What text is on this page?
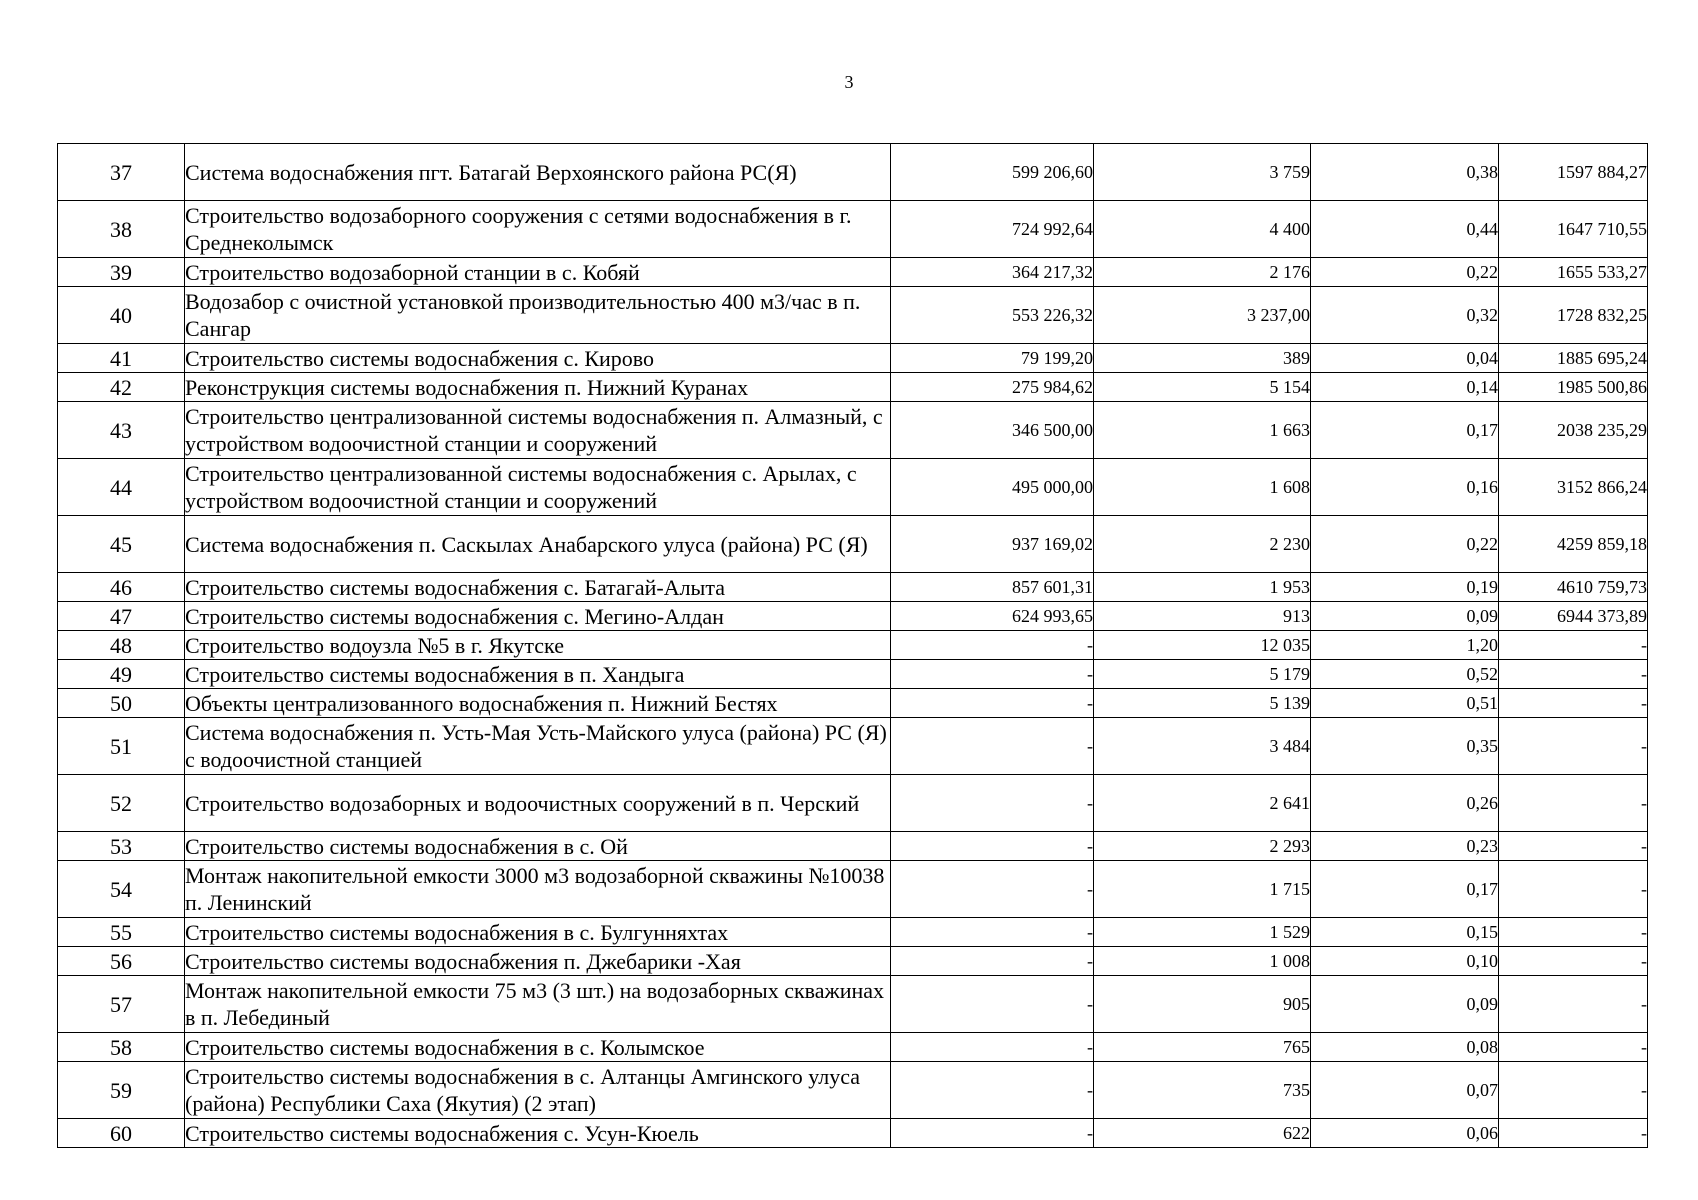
3
37	Система водоснабжения пгт. Батагай Верхоянского района РС(Я)	599 206,60	3 759	0,38	1597 884,27
38	Строительство водозаборного сооружения с сетями водоснабжения в г. Среднеколымск	724 992,64	4 400	0,44	1647 710,55
39	Строительство водозаборной станции в с. Кобяй	364 217,32	2 176	0,22	1655 533,27
40	Водозабор с очистной установкой производительностью 400 м3/час в п. Сангар	553 226,32	3 237,00	0,32	1728 832,25
41	Строительство системы водоснабжения с. Кирово	79 199,20	389	0,04	1885 695,24
42	Реконструкция системы водоснабжения п. Нижний Куранах	275 984,62	5 154	0,14	1985 500,86
43	Строительство централизованной системы водоснабжения п. Алмазный, с устройством водоочистной станции и сооружений	346 500,00	1 663	0,17	2038 235,29
44	Строительство централизованной системы водоснабжения с. Арылах, с устройством водоочистной станции и сооружений	495 000,00	1 608	0,16	3152 866,24
45	Система водоснабжения п. Саскылах Анабарского улуса (района) РС (Я)	937 169,02	2 230	0,22	4259 859,18
46	Строительство системы водоснабжения с. Батагай-Алыта	857 601,31	1 953	0,19	4610 759,73
47	Строительство системы водоснабжения с. Мегино-Алдан	624 993,65	913	0,09	6944 373,89
48	Строительство водоузла №5 в г. Якутске	-	12 035	1,20	-
49	Строительство системы водоснабжения в п. Хандыга	-	5 179	0,52	-
50	Объекты централизованного водоснабжения п. Нижний Бестях	-	5 139	0,51	-
51	Система водоснабжения п. Усть-Мая Усть-Майского улуса (района) РС (Я) с водоочистной станцией	-	3 484	0,35	-
52	Строительство водозаборных и водоочистных сооружений в п. Черский	-	2 641	0,26	-
53	Строительство системы водоснабжения в с. Ой	-	2 293	0,23	-
54	Монтаж накопительной емкости 3000 м3 водозаборной скважины №10038 п. Ленинский	-	1 715	0,17	-
55	Строительство системы водоснабжения в с. Булгунняхтах	-	1 529	0,15	-
56	Строительство системы водоснабжения п. Джебарики -Хая	-	1 008	0,10	-
57	Монтаж накопительной емкости 75 м3 (3 шт.) на водозаборных скважинах в п. Лебединый	-	905	0,09	-
58	Строительство системы водоснабжения в с. Колымское	-	765	0,08	-
59	Строительство системы водоснабжения в с. Алтанцы Амгинского улуса (района) Республики Саха (Якутия) (2 этап)	-	735	0,07	-
60	Строительство системы водоснабжения с. Усун-Кюель	-	622	0,06	-
